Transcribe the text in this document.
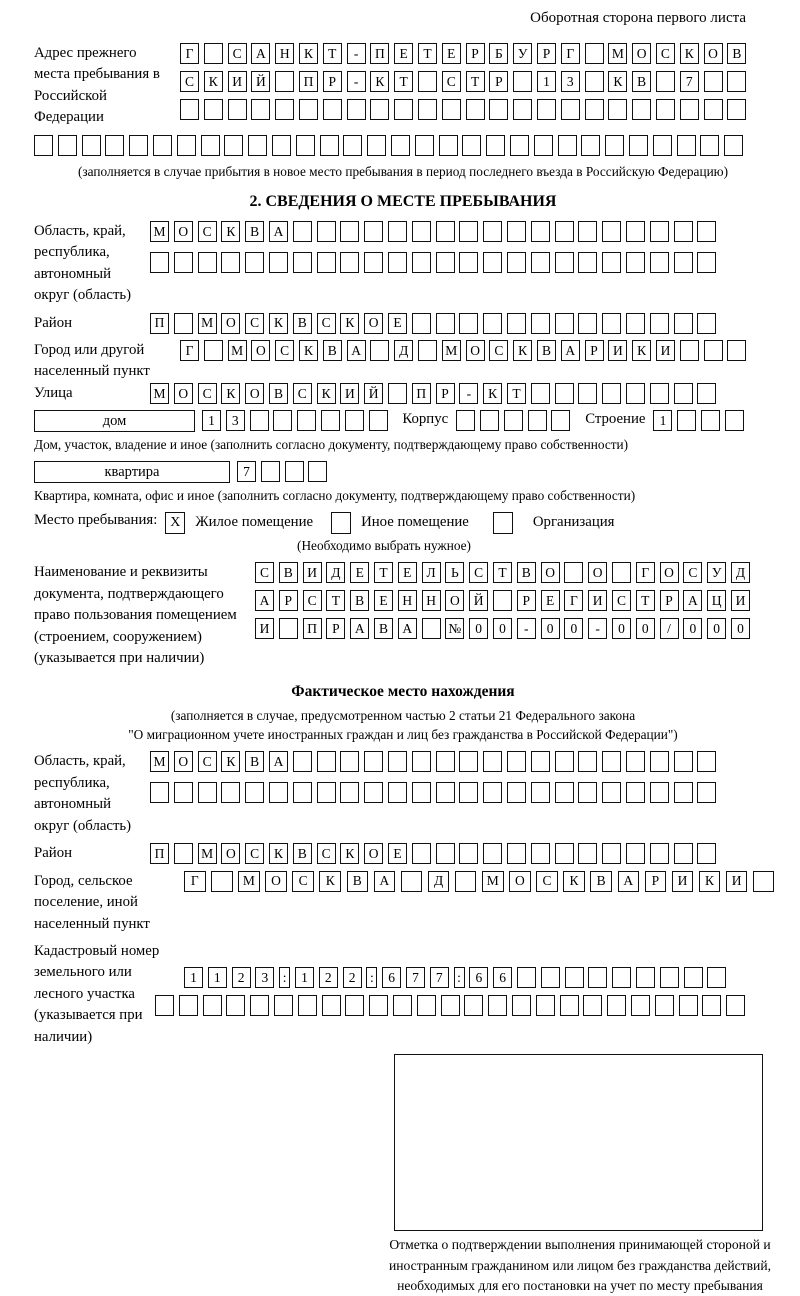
Оборотная сторона первого листа
Адрес прежнего места пребывания в Российской Федерации
Г	С	А	Н	К	Т	-	П	Е	Т	Е	Р	Б	У	Р	Г	М О	С	К	О	В
С	К	И	Й	П	Р	-	К	Т	С	Т	Р	1	3	К	В	7
(заполняется в случае прибытия в новое место пребывания в период последнего въезда в Российскую Федерацию)
2. СВЕДЕНИЯ О МЕСТЕ ПРЕБЫВАНИЯ
Область, край, республика, автономный округ (область)
М О	С	К	В	А
Район	П	М О	С	К	В	С	К	О	Е
Город или другой населенный пункт
Г	М О	С	К	В	А	Д	М О	С	К	В	А	Р	И	К	И
Улица	М О	С	К	О	В	С	К	И	Й	П	Р	-	К	Т
дом	1	3	Корпус	Строение	1
Дом, участок, владение и иное (заполнить согласно документу, подтверждающему право собственности)
квартира	7
Квартира, комната, офис и иное (заполнить согласно документу, подтверждающему право собственности)
Место пребывания: X	Жилое помещение	Иное помещение	Организация
(Необходимо выбрать нужное)
Наименование и реквизиты документа, подтверждающего право пользования помещением (строением, сооружением) (указывается при наличии)
С	В	И	Д	Е	Т	Е	Л	Ь	С	Т	В	О	О	Г	О	С	У	Д
А	Р	С	Т	В	Е	Н	Н	О	Й	Р	Е	Г	И	С	Т	Р	А	Ц	И
И	П	Р	А	В	А	№	0	0	-	0	0	-	0	0	/	0	0	0
Фактическое место нахождения
(заполняется в случае, предусмотренном частью 2 статьи 21 Федерального закона
"О миграционном учете иностранных граждан и лиц без гражданства в Российской Федерации")
Область, край, республика, автономный округ (область)
М О	С	К	В	А
Район	П	М О	С	К	В	С	К	О	Е
Город, сельское поселение, иной населенный пункт
Г	М	О	С	К	В	А	Д	М	О	С	К	В	А	Р	И	К	И
Кадастровый номер земельного или лесного участка (указывается при наличии)
1	1	2	3	:	1	2	2	:	6	7	7	:	6	6
Отметка о подтверждении выполнения принимающей стороной и иностранным гражданином или лицом без гражданства действий, необходимых для его постановки на учет по месту пребывания
